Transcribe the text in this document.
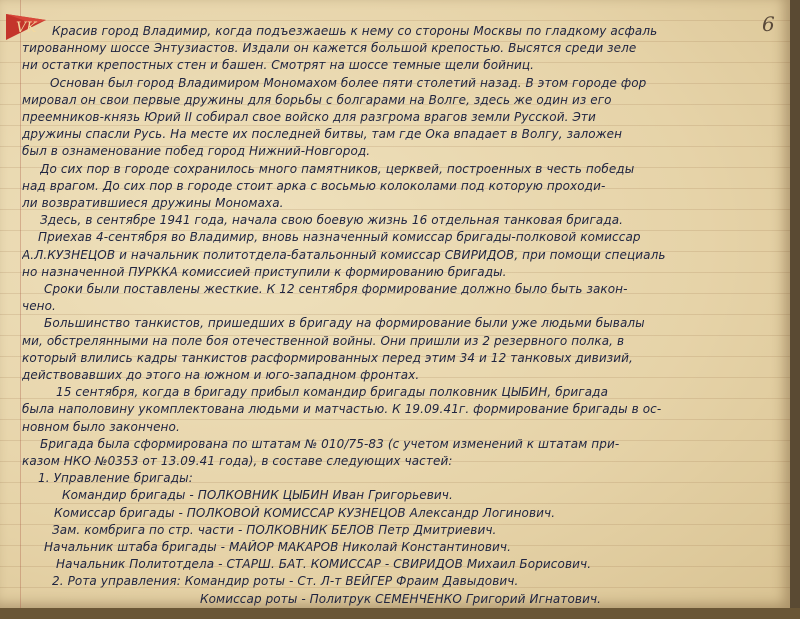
VK	6
Красив город Владимир, когда подъезжаешь к нему со стороны Москвы по гладкому асфаль
тированному шоссе Энтузиастов. Издали он кажется большой крепостью. Высятся среди зеле
ни остатки крепостных стен и башен. Смотрят на шоссе темные щели бойниц.
Основан был город Владимиром Мономахом более пяти столетий назад. В этом городе фор
мировал он свои первые дружины для борьбы с болгарами на Волге, здесь же один из его
преемников-князь Юрий II собирал свое войско для разгрома врагов земли Русской. Эти
дружины спасли Русь. На месте их последней битвы, там где Ока впадает в Волгу, заложен
был в ознаменование побед город Нижний-Новгород.
До сих пор в городе сохранилось много памятников, церквей, построенных в честь победы
над врагом. До сих пор в городе стоит арка с восьмью колоколами под которую проходи-
ли возвратившиеся дружины Мономаха.
Здесь, в сентябре 1941 года, начала свою боевую жизнь 16 отдельная танковая бригада.
Приехав 4-сентября во Владимир, вновь назначенный комиссар бригады-полковой комиссар
А.Л.КУЗНЕЦОВ и начальник политотдела-батальонный комиссар СВИРИДОВ, при помощи специаль
но назначенной ПУРККА комиссией приступили к формированию бригады.
Сроки были поставлены жесткие. К 12 сентября формирование должно было быть закон-
чено.
Большинство танкистов, пришедших в бригаду на формирование были уже людьми бывалы
ми, обстрелянными на поле боя отечественной войны. Они пришли из 2 резервного полка, в
который влились кадры танкистов расформированных перед этим 34 и 12 танковых дивизий,
действовавших до этого на южном и юго-западном фронтах.
15 сентября, когда в бригаду прибыл командир бригады полковник ЦЫБИН, бригада
была наполовину укомплектована людьми и матчастью. К 19.09.41г. формирование бригады в ос-
новном было закончено.
Бригада была сформирована по штатам № 010/75-83 (с учетом изменений к штатам при-
казом НКО №0353 от 13.09.41 года), в составе следующих частей:
1. Управление бригады:
Командир бригады - ПОЛКОВНИК ЦЫБИН Иван Григорьевич.
Комиссар бригады - ПОЛКОВОЙ КОМИССАР КУЗНЕЦОВ Александр Логинович.
Зам. комбрига по стр. части - ПОЛКОВНИК БЕЛОВ Петр Дмитриевич.
Начальник штаба бригады - МАЙОР МАКАРОВ Николай Константинович.
Начальник Политотдела - СТАРШ. БАТ. КОМИССАР - СВИРИДОВ Михаил Борисович.
2. Рота управления: Командир роты - Ст. Л-т ВЕЙГЕР Фраим Давыдович.
Комиссар роты - Политрук СЕМЕНЧЕНКО Григорий Игнатович.
